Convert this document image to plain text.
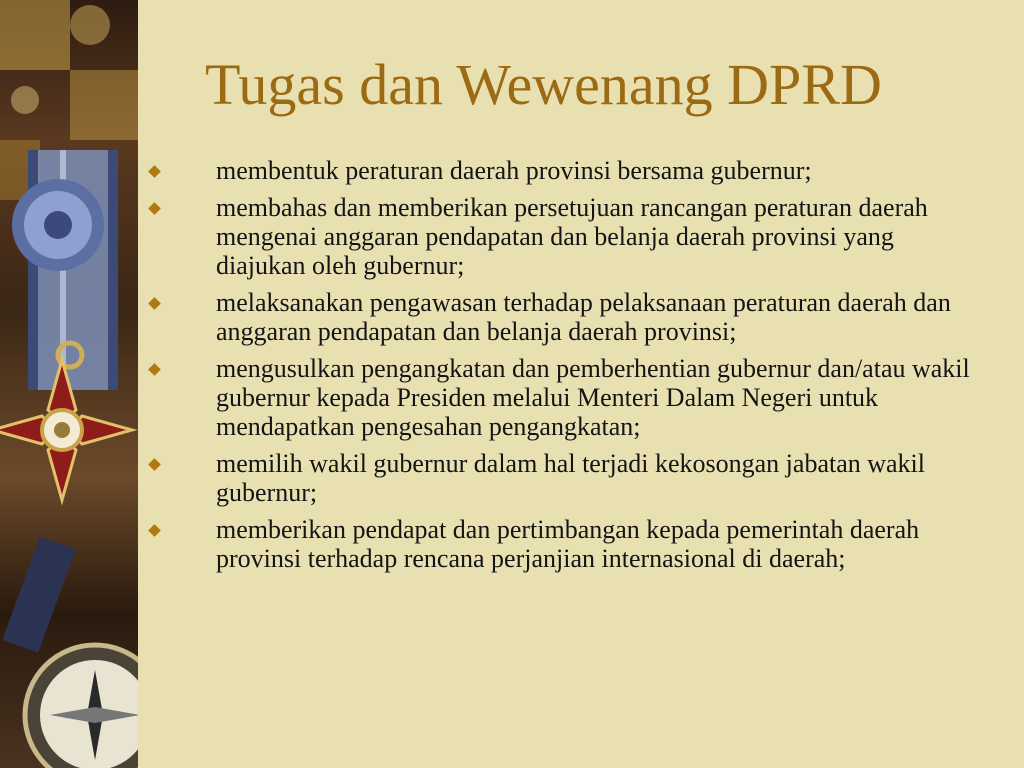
Tugas dan Wewenang DPRD
membentuk peraturan daerah provinsi bersama gubernur;
membahas dan memberikan persetujuan rancangan peraturan daerah mengenai anggaran pendapatan dan belanja daerah provinsi yang diajukan oleh gubernur;
melaksanakan pengawasan terhadap pelaksanaan peraturan daerah dan anggaran pendapatan dan belanja daerah provinsi;
mengusulkan pengangkatan dan pemberhentian gubernur dan/atau wakil gubernur kepada Presiden melalui Menteri Dalam Negeri untuk mendapatkan pengesahan pengangkatan;
memilih wakil gubernur dalam hal terjadi kekosongan jabatan wakil gubernur;
memberikan pendapat dan pertimbangan kepada pemerintah daerah provinsi terhadap rencana perjanjian internasional di daerah;
